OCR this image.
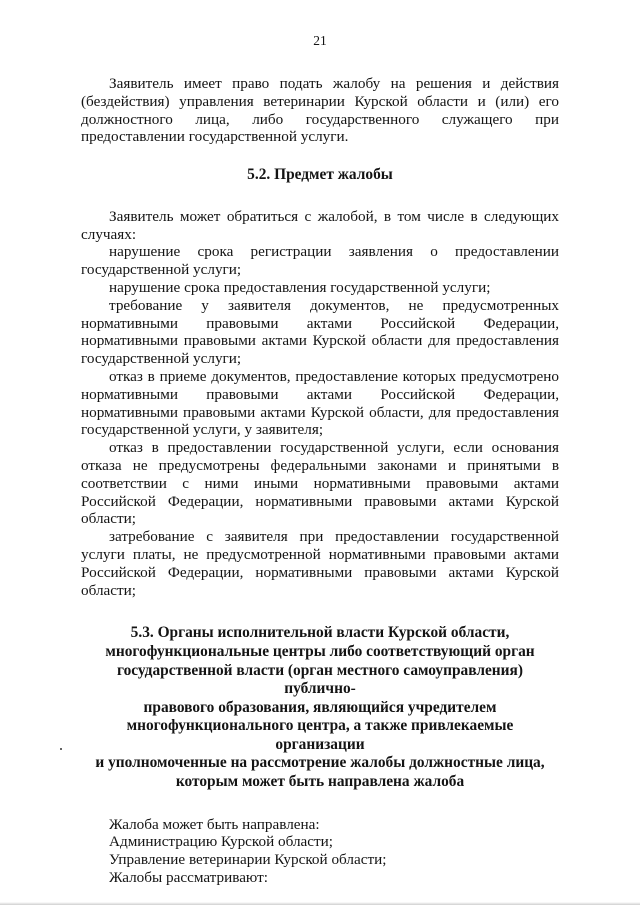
21

Заявитель имеет право подать жалобу на решения и действия (бездействия) управления ветеринарии Курской области и (или) его должностного лица, либо государственного служащего при предоставлении государственной услуги.

5.2. Предмет жалобы

Заявитель может обратиться с жалобой, в том числе в следующих случаях:

нарушение срока регистрации заявления о предоставлении государственной услуги;

нарушение срока предоставления государственной услуги;

требование у заявителя документов, не предусмотренных нормативными правовыми актами Российской Федерации, нормативными правовыми актами Курской области для предоставления государственной услуги;

отказ в приеме документов, предоставление которых предусмотрено нормативными правовыми актами Российской Федерации, нормативными правовыми актами Курской области, для предоставления государственной услуги, у заявителя;

отказ в предоставлении государственной услуги, если основания отказа не предусмотрены федеральными законами и принятыми в соответствии с ними иными нормативными правовыми актами Российской Федерации, нормативными правовыми актами Курской области;

затребование с заявителя при предоставлении государственной услуги платы, не предусмотренной нормативными правовыми актами Российской Федерации, нормативными правовыми актами Курской области;

5.3. Органы исполнительной власти Курской области,
многофункциональные центры либо соответствующий орган
государственной власти (орган местного самоуправления) публично-
правового образования, являющийся учредителем
многофункционального центра, а также привлекаемые организации
и уполномоченные на рассмотрение жалобы должностные лица,
которым может быть направлена жалоба

Жалоба может быть направлена:

Администрацию Курской области;

Управление ветеринарии Курской области;

Жалобы рассматривают:
